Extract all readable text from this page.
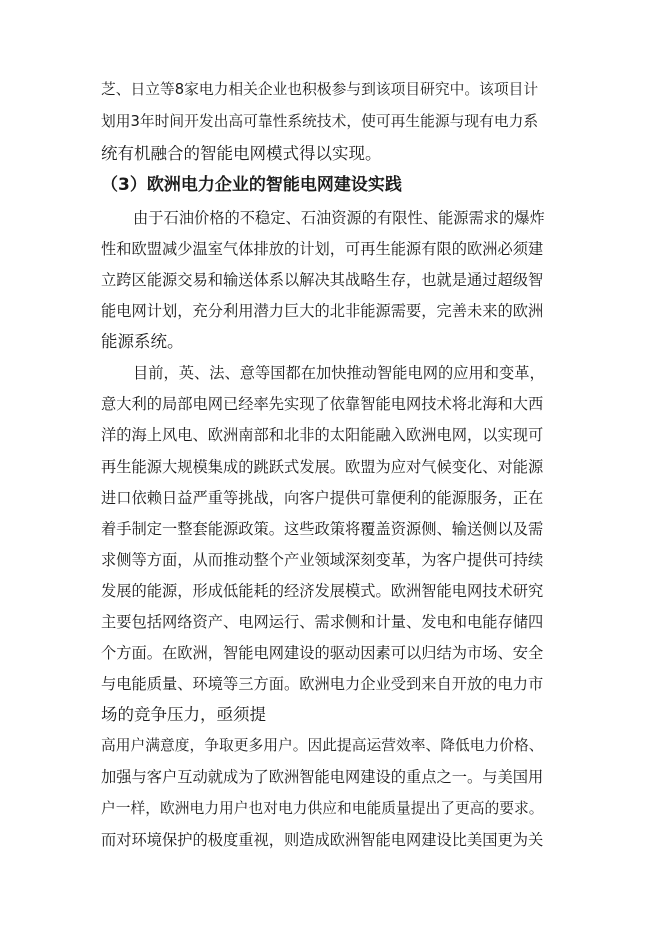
芝、日立等8家电力相关企业也积极参与到该项目研究中。该项目计
划用3年时间开发出高可靠性系统技术，使可再生能源与现有电力系
统有机融合的智能电网模式得以实现。
（3）欧洲电力企业的智能电网建设实践
由于石油价格的不稳定、石油资源的有限性、能源需求的爆炸
性和欧盟减少温室气体排放的计划，可再生能源有限的欧洲必须建
立跨区能源交易和输送体系以解决其战略生存，也就是通过超级智
能电网计划，充分利用潜力巨大的北非能源需要，完善未来的欧洲
能源系统。
目前，英、法、意等国都在加快推动智能电网的应用和变革，
意大利的局部电网已经率先实现了依靠智能电网技术将北海和大西
洋的海上风电、欧洲南部和北非的太阳能融入欧洲电网，以实现可
再生能源大规模集成的跳跃式发展。欧盟为应对气候变化、对能源
进口依赖日益严重等挑战，向客户提供可靠便利的能源服务，正在
着手制定一整套能源政策。这些政策将覆盖资源侧、输送侧以及需
求侧等方面，从而推动整个产业领域深刻变革，为客户提供可持续
发展的能源，形成低能耗的经济发展模式。欧洲智能电网技术研究
主要包括网络资产、电网运行、需求侧和计量、发电和电能存储四
个方面。在欧洲，智能电网建设的驱动因素可以归结为市场、安全
与电能质量、环境等三方面。欧洲电力企业受到来自开放的电力市
场的竞争压力，亟须提
高用户满意度，争取更多用户。因此提高运营效率、降低电力价格、
加强与客户互动就成为了欧洲智能电网建设的重点之一。与美国用
户一样，欧洲电力用户也对电力供应和电能质量提出了更高的要求。
而对环境保护的极度重视，则造成欧洲智能电网建设比美国更为关
